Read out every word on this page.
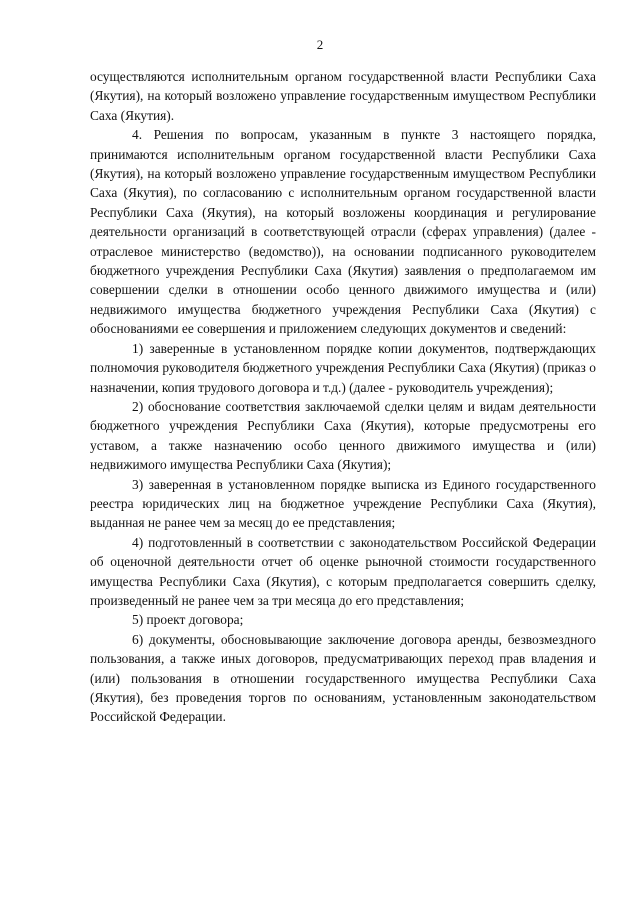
2

осуществляются исполнительным органом государственной власти Республики Саха (Якутия), на который возложено управление государственным имуществом Республики Саха (Якутия).

4. Решения по вопросам, указанным в пункте 3 настоящего порядка, принимаются исполнительным органом государственной власти Республики Саха (Якутия), на который возложено управление государственным имуществом Республики Саха (Якутия), по согласованию с исполнительным органом государственной власти Республики Саха (Якутия), на который возложены координация и регулирование деятельности организаций в соответствующей отрасли (сферах управления) (далее - отраслевое министерство (ведомство)), на основании подписанного руководителем бюджетного учреждения Республики Саха (Якутия) заявления о предполагаемом им совершении сделки в отношении особо ценного движимого имущества и (или) недвижимого имущества бюджетного учреждения Республики Саха (Якутия) с обоснованиями ее совершения и приложением следующих документов и сведений:

1) заверенные в установленном порядке копии документов, подтверждающих полномочия руководителя бюджетного учреждения Республики Саха (Якутия) (приказ о назначении, копия трудового договора и т.д.) (далее - руководитель учреждения);

2) обоснование соответствия заключаемой сделки целям и видам деятельности бюджетного учреждения Республики Саха (Якутия), которые предусмотрены его уставом, а также назначению особо ценного движимого имущества и (или) недвижимого имущества Республики Саха (Якутия);

3) заверенная в установленном порядке выписка из Единого государственного реестра юридических лиц на бюджетное учреждение Республики Саха (Якутия), выданная не ранее чем за месяц до ее представления;

4) подготовленный в соответствии с законодательством Российской Федерации об оценочной деятельности отчет об оценке рыночной стоимости государственного имущества Республики Саха (Якутия), с которым предполагается совершить сделку, произведенный не ранее чем за три месяца до его представления;

5) проект договора;

6) документы, обосновывающие заключение договора аренды, безвозмездного пользования, а также иных договоров, предусматривающих переход прав владения и (или) пользования в отношении государственного имущества Республики Саха (Якутия), без проведения торгов по основаниям, установленным законодательством Российской Федерации.
